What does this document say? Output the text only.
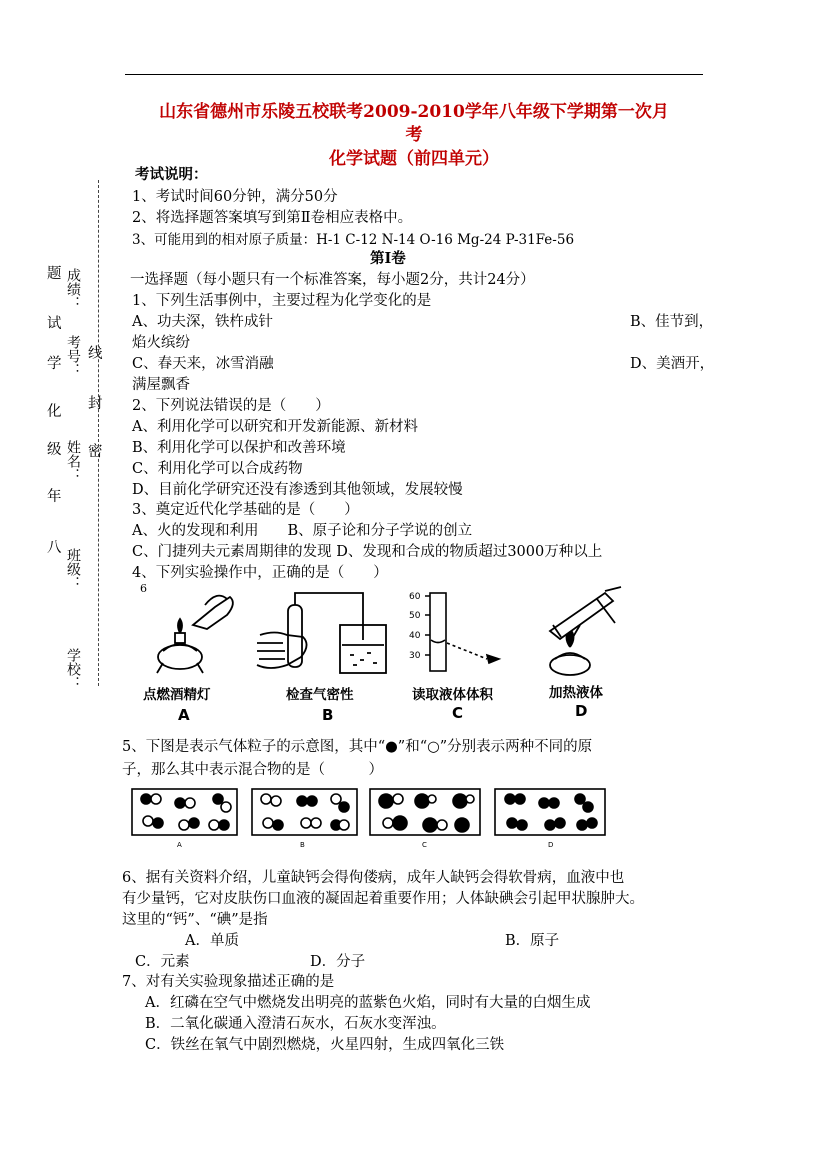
山东省德州市乐陵五校联考2009-2010学年八年级下学期第一次月
考
化学试题（前四单元）
题
试
学
化
级
年
八
成绩：
考号：
姓名：
班级：
学校：
线
封
密
考试说明：
1、考试时间60分钟，满分50分
2、将选择题答案填写到第Ⅱ卷相应表格中。
3、可能用到的相对原子质量：H-1 C-12 N-14 O-16 Mg-24 P-31Fe-56
第Ⅰ卷
一选择题（每小题只有一个标准答案，每小题2分，共计24分）
1、下列生活事例中，主要过程为化学变化的是
A、功夫深，铁杵成针	B、佳节到，
焰火缤纷
C、春天来，冰雪消融	D、美酒开，
满屋飘香
2、下列说法错误的是（　　）
A、利用化学可以研究和开发新能源、新材料
B、利用化学可以保护和改善环境
C、利用化学可以合成药物
D、目前化学研究还没有渗透到其他领域，发展较慢
3、奠定近代化学基础的是（　　）
A、火的发现和利用　　B、原子论和分子学说的创立
C、门捷列夫元素周期律的发现 D、发现和合成的物质超过3000万种以上
4、下列实验操作中，正确的是（　　）
6
60
50
40
30
点燃酒精灯	检查气密性	读取液体体积	加热液体
A	B	C	D
5、下图是表示气体粒子的示意图，其中“●”和“○”分别表示两种不同的原
子，那么其中表示混合物的是（　　　）
A	B	C	D
6、据有关资料介绍，儿童缺钙会得佝偻病，成年人缺钙会得软骨病，血液中也
有少量钙，它对皮肤伤口血液的凝固起着重要作用；人体缺碘会引起甲状腺肿大。
这里的“钙”、“碘”是指
A．单质	B．原子
C．元素	D．分子
7、对有关实验现象描述正确的是
A．红磷在空气中燃烧发出明亮的蓝紫色火焰，同时有大量的白烟生成
B．二氧化碳通入澄清石灰水，石灰水变浑浊。
C．铁丝在氧气中剧烈燃烧，火星四射，生成四氧化三铁
